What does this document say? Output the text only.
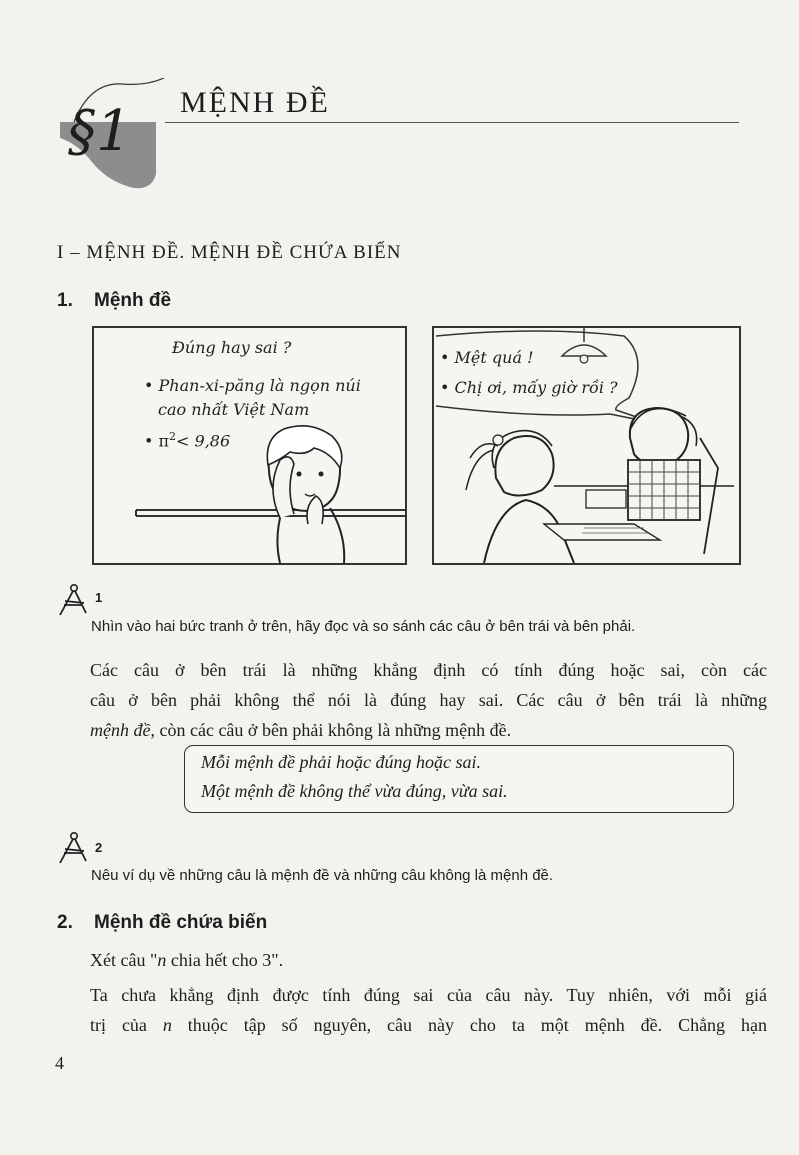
§1 MỆNH ĐỀ
I – MỆNH ĐỀ. MỆNH ĐỀ CHỨA BIẾN
1. Mệnh đề
Đúng hay sai ?
• Phan-xi-păng là ngọn núi
cao nhất Việt Nam
• $\pi^2< 9,86$
• Mệt quá !
• Chị ơi, mấy giờ rồi ?
1
Nhìn vào hai bức tranh ở trên, hãy đọc và so sánh các câu ở bên trái và bên phải.
Các câu ở bên trái là những khẳng định có tính đúng hoặc sai, còn các
câu ở bên phải không thể nói là đúng hay sai. Các câu ở bên trái là những
mệnh đề, còn các câu ở bên phải không là những mệnh đề.
Mỗi mệnh đề phải hoặc đúng hoặc sai.
Một mệnh đề không thể vừa đúng, vừa sai.
2
Nêu ví dụ về những câu là mệnh đề và những câu không là mệnh đề.
2. Mệnh đề chứa biến
Xét câu "n chia hết cho 3".
Ta chưa khẳng định được tính đúng sai của câu này. Tuy nhiên, với mỗi giá
trị của n thuộc tập số nguyên, câu này cho ta một mệnh đề. Chẳng hạn
4
